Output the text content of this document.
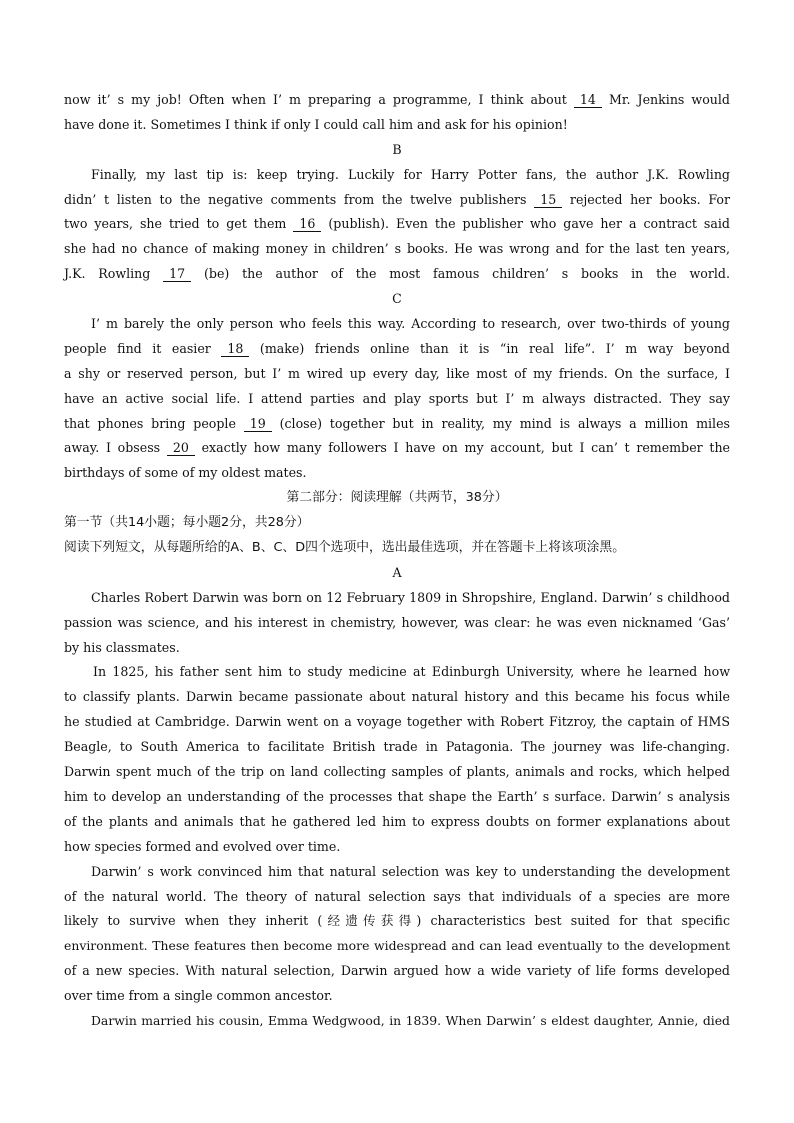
now it’ s my job! Often when I’ m preparing a programme, I think about 14 Mr. Jenkins would
have done it. Sometimes I think if only I could call him and ask for his opinion!
B
Finally, my last tip is: keep trying. Luckily for Harry Potter fans, the author J.K. Rowling
didn’ t listen to the negative comments from the twelve publishers 15 rejected her books. For
two years, she tried to get them 16 (publish). Even the publisher who gave her a contract said
she had no chance of making money in children’ s books. He was wrong and for the last ten years,
J.K. Rowling 17 (be) the author of the most famous children’ s books in the world.
C
I’ m barely the only person who feels this way. According to research, over two-thirds of young
people find it easier 18 (make) friends online than it is “in real life”. I’ m way beyond
a shy or reserved person, but I’ m wired up every day, like most of my friends. On the surface, I
have an active social life. I attend parties and play sports but I’ m always distracted. They say
that phones bring people 19 (close) together but in reality, my mind is always a million miles
away. I obsess 20 exactly how many followers I have on my account, but I can’ t remember the
birthdays of some of my oldest mates.
第二部分：阅读理解（共两节，38分）
第一节（共14小题；每小题2分，共28分）
阅读下列短文，从每题所给的A、B、C、D四个选项中，选出最佳选项，并在答题卡上将该项涂黑。
A
Charles Robert Darwin was born on 12 February 1809 in Shropshire, England. Darwin’ s childhood
passion was science, and his interest in chemistry, however, was clear: he was even nicknamed ‘Gas’
by his classmates.
In 1825, his father sent him to study medicine at Edinburgh University, where he learned how
to classify plants. Darwin became passionate about natural history and this became his focus while
he studied at Cambridge. Darwin went on a voyage together with Robert Fitzroy, the captain of HMS
Beagle, to South America to facilitate British trade in Patagonia. The journey was life-changing.
Darwin spent much of the trip on land collecting samples of plants, animals and rocks, which helped
him to develop an understanding of the processes that shape the Earth’ s surface. Darwin’ s analysis
of the plants and animals that he gathered led him to express doubts on former explanations about
how species formed and evolved over time.
Darwin’ s work convinced him that natural selection was key to understanding the development
of the natural world. The theory of natural selection says that individuals of a species are more
likely to survive when they inherit (经遗传获得) characteristics best suited for that specific
environment. These features then become more widespread and can lead eventually to the development
of a new species. With natural selection, Darwin argued how a wide variety of life forms developed
over time from a single common ancestor.
Darwin married his cousin, Emma Wedgwood, in 1839. When Darwin’ s eldest daughter, Annie, died
